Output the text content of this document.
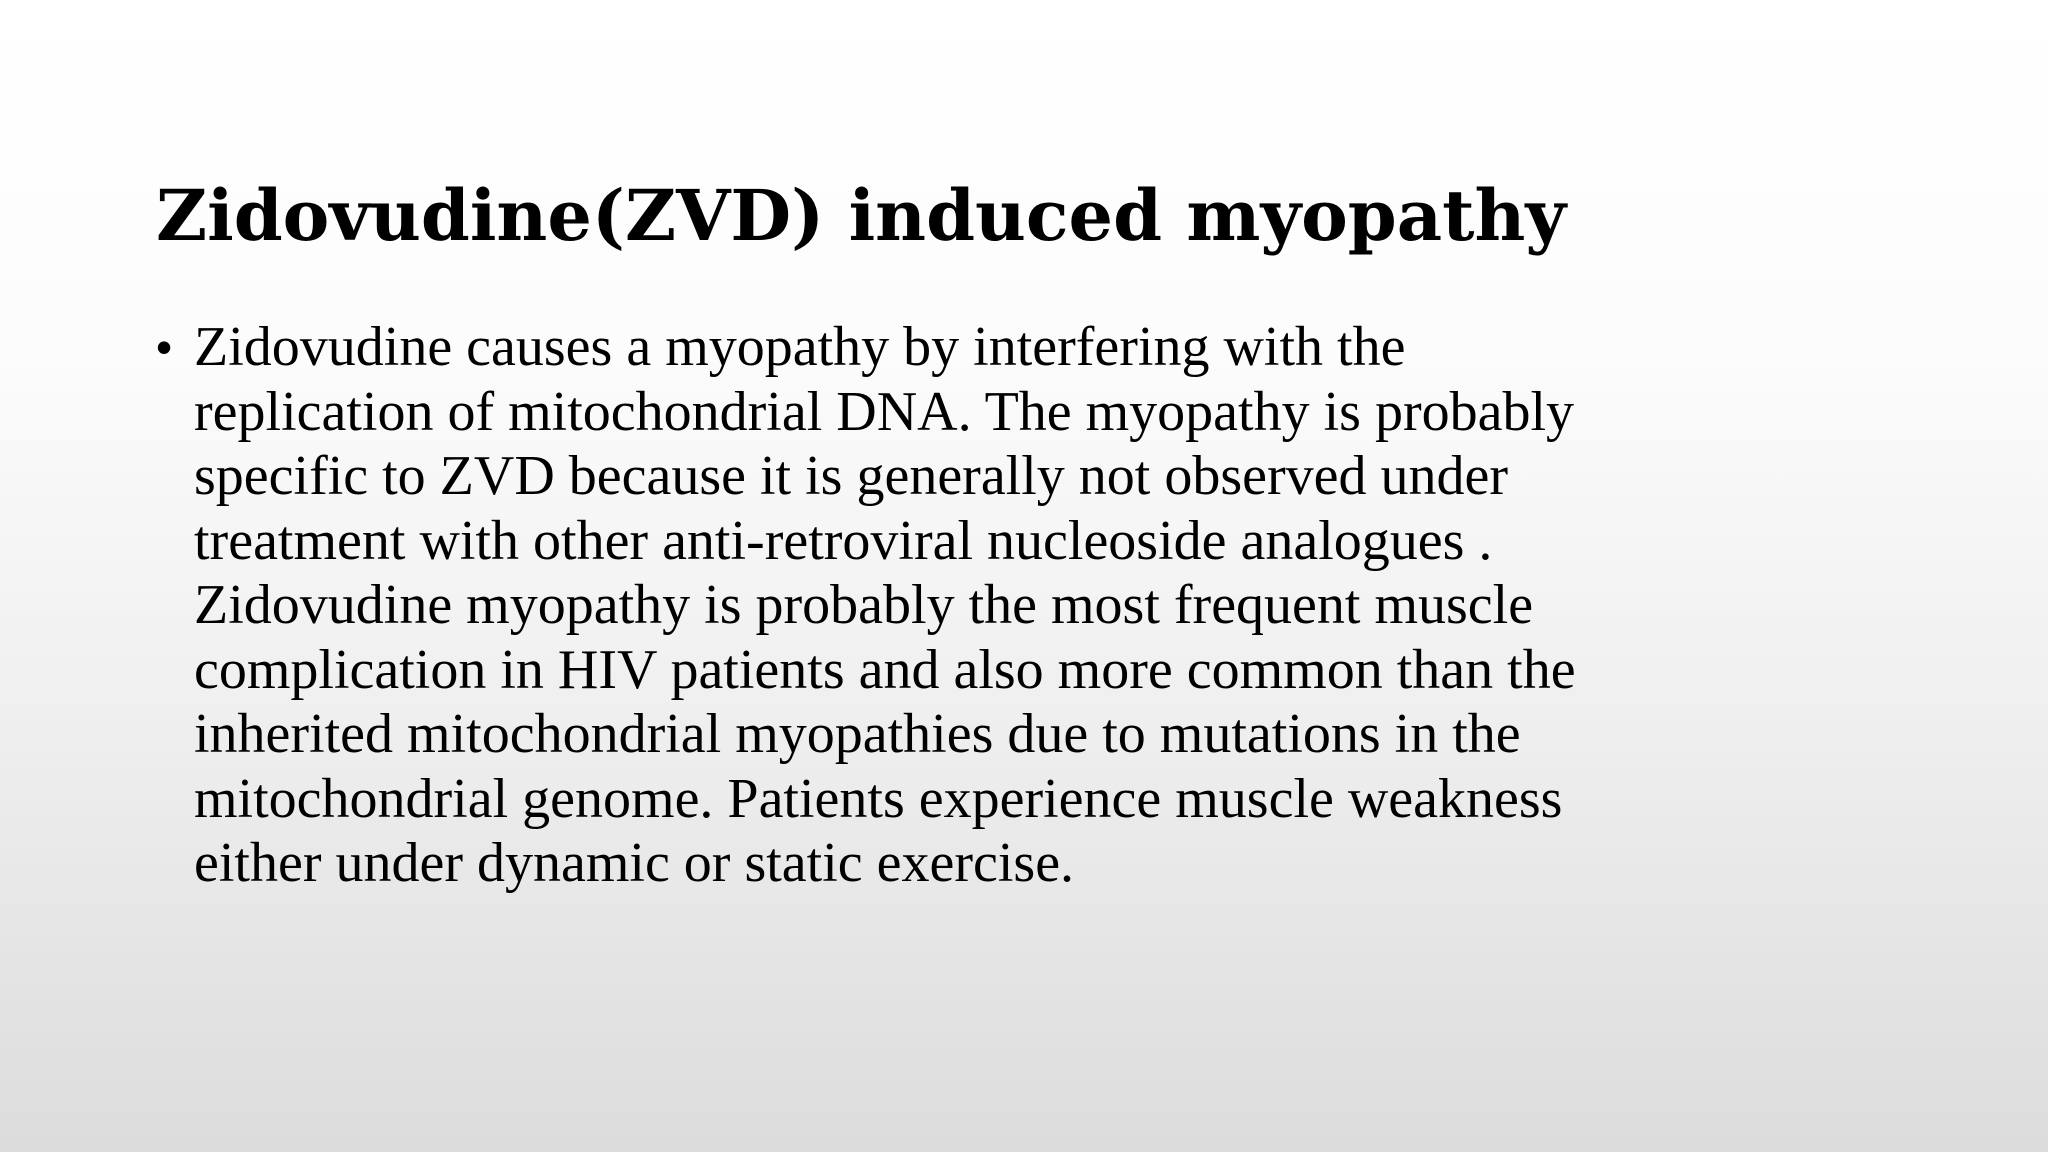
Zidovudine(ZVD) induced myopathy
• Zidovudine causes a myopathy by interfering with the
replication of mitochondrial DNA. The myopathy is probably
specific to ZVD because it is generally not observed under
treatment with other anti-retroviral nucleoside analogues .
Zidovudine myopathy is probably the most frequent muscle
complication in HIV patients and also more common than the
inherited mitochondrial myopathies due to mutations in the
mitochondrial genome. Patients experience muscle weakness
either under dynamic or static exercise.
